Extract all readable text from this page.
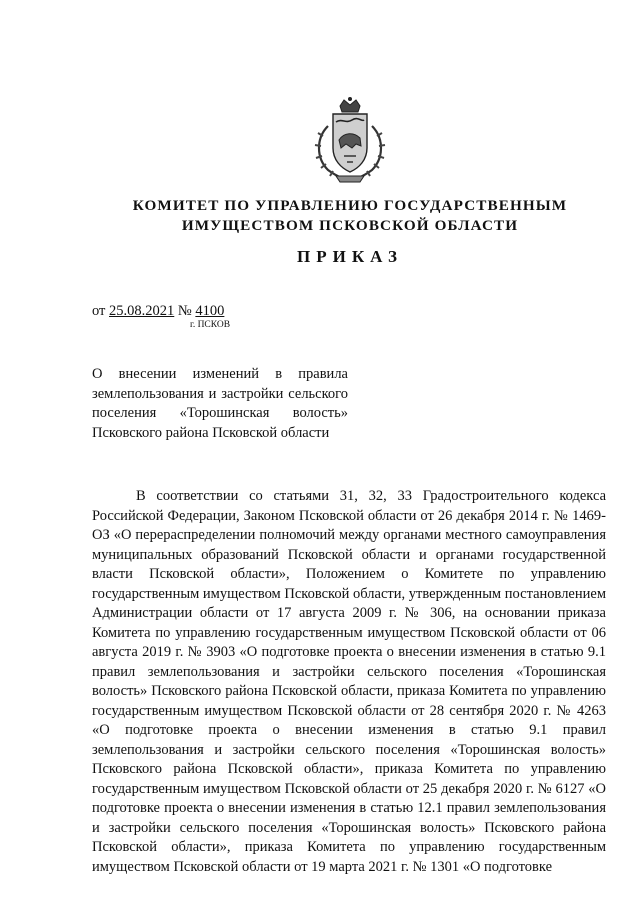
КОМИТЕТ ПО УПРАВЛЕНИЮ ГОСУДАРСТВЕННЫМ
ИМУЩЕСТВОМ ПСКОВСКОЙ ОБЛАСТИ
ПРИКАЗ
от 25.08.2021 № 4100
г. ПСКОВ
О внесении изменений в правила землепользования и застройки сельского поселения «Торошинская волость» Псковского района Псковской области
В соответствии со статьями 31, 32, 33 Градостроительного кодекса Российской Федерации, Законом Псковской области от 26 декабря 2014 г. № 1469-ОЗ «О перераспределении полномочий между органами местного самоуправления муниципальных образований Псковской области и органами государственной власти Псковской области», Положением о Комитете по управлению государственным имуществом Псковской области, утвержденным постановлением Администрации области от 17 августа 2009 г. № 306, на основании приказа Комитета по управлению государственным имуществом Псковской области от 06 августа 2019 г. № 3903 «О подготовке проекта о внесении изменения в статью 9.1 правил землепользования и застройки сельского поселения «Торошинская волость» Псковского района Псковской области, приказа Комитета по управлению государственным имуществом Псковской области от 28 сентября 2020 г. № 4263 «О подготовке проекта о внесении изменения в статью 9.1 правил землепользования и застройки сельского поселения «Торошинская волость» Псковского района Псковской области», приказа Комитета по управлению государственным имуществом Псковской области от 25 декабря 2020 г. № 6127 «О подготовке проекта о внесении изменения в статью 12.1 правил землепользования и застройки сельского поселения «Торошинская волость» Псковского района Псковской области», приказа Комитета по управлению государственным имуществом Псковской области от 19 марта 2021 г. № 1301 «О подготовке
